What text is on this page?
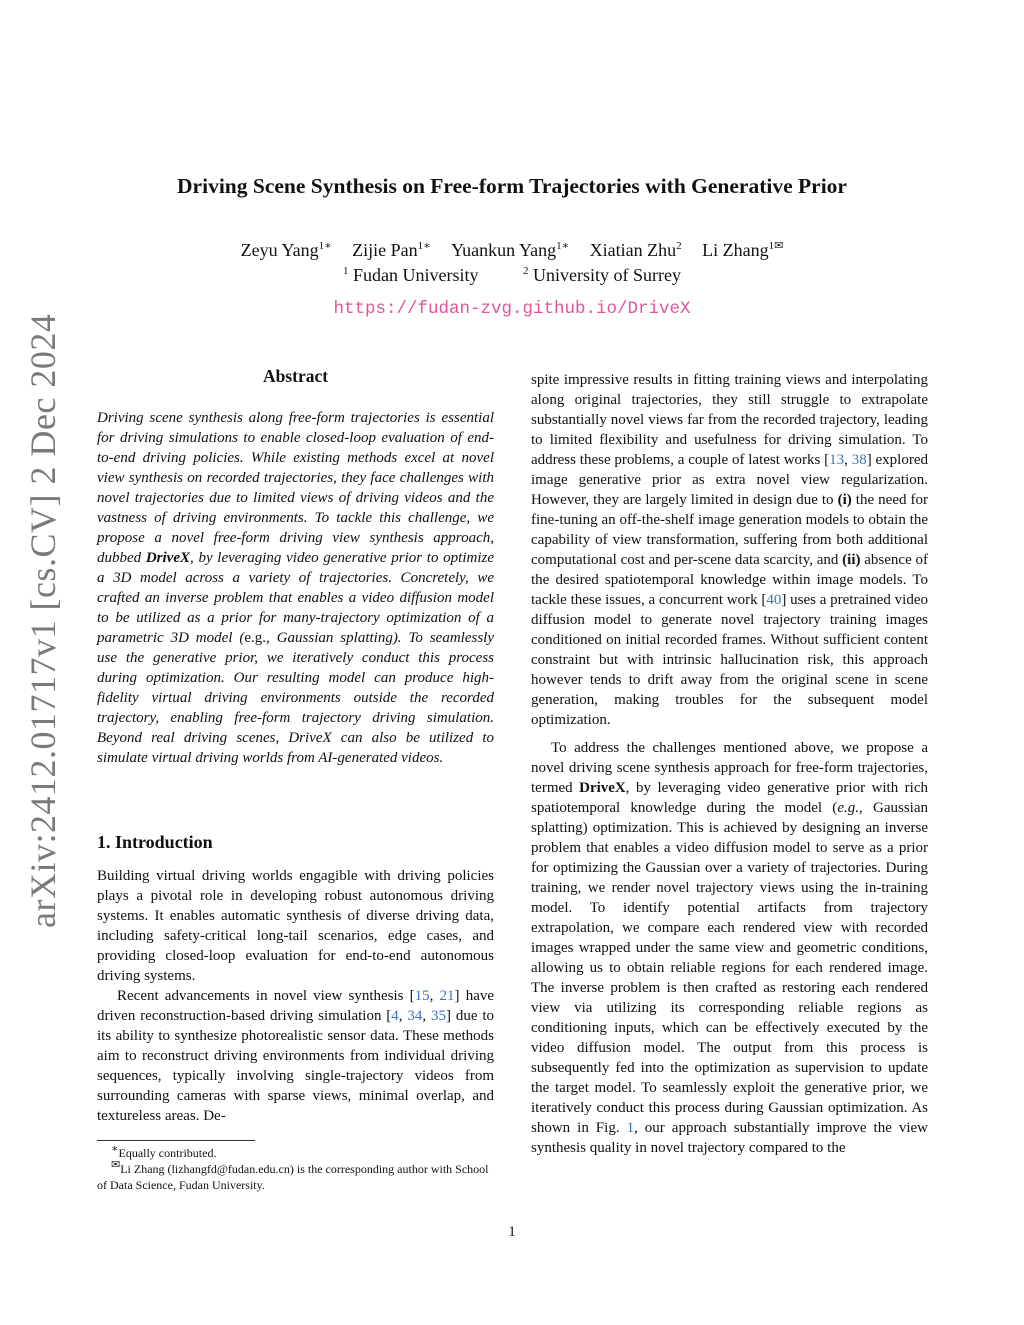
arXiv:2412.01717v1 [cs.CV] 2 Dec 2024
Driving Scene Synthesis on Free-form Trajectories with Generative Prior
Zeyu Yang$^{1∗}$ Zijie Pan$^{1∗}$ Yuankun Yang$^{1∗}$ Xiatian Zhu$^2$ Li Zhang$^{1✉}$
$^1$ Fudan University	$^2$ University of Surrey
https://fudan-zvg.github.io/DriveX
Abstract

Driving scene synthesis along free-form trajectories is essential for driving simulations to enable closed-loop evaluation of end-to-end driving policies. While existing methods excel at novel view synthesis on recorded trajectories, they face challenges with novel trajectories due to limited views of driving videos and the vastness of driving environments. To tackle this challenge, we propose a novel free-form driving view synthesis approach, dubbed DriveX, by leveraging video generative prior to optimize a 3D model across a variety of trajectories. Concretely, we crafted an inverse problem that enables a video diffusion model to be utilized as a prior for many-trajectory optimization of a parametric 3D model (e.g., Gaussian splatting). To seamlessly use the generative prior, we iteratively conduct this process during optimization. Our resulting model can produce high-fidelity virtual driving environments outside the recorded trajectory, enabling free-form trajectory driving simulation. Beyond real driving scenes, DriveX can also be utilized to simulate virtual driving worlds from AI-generated videos.

1. Introduction

Building virtual driving worlds engagible with driving policies plays a pivotal role in developing robust autonomous driving systems. It enables automatic synthesis of diverse driving data, including safety-critical long-tail scenarios, edge cases, and providing closed-loop evaluation for end-to-end autonomous driving systems.

Recent advancements in novel view synthesis [15, 21] have driven reconstruction-based driving simulation [4, 34, 35] due to its ability to synthesize photorealistic sensor data. These methods aim to reconstruct driving environments from individual driving sequences, typically involving single-trajectory videos from surrounding cameras with sparse views, minimal overlap, and textureless areas. De-

∗Equally contributed.

✉Li Zhang (lizhangfd@fudan.edu.cn) is the corresponding author with School of Data Science, Fudan University.

spite impressive results in fitting training views and interpolating along original trajectories, they still struggle to extrapolate substantially novel views far from the recorded trajectory, leading to limited flexibility and usefulness for driving simulation. To address these problems, a couple of latest works [13, 38] explored image generative prior as extra novel view regularization. However, they are largely limited in design due to (i) the need for fine-tuning an off-the-shelf image generation models to obtain the capability of view transformation, suffering from both additional computational cost and per-scene data scarcity, and (ii) absence of the desired spatiotemporal knowledge within image models. To tackle these issues, a concurrent work [40] uses a pretrained video diffusion model to generate novel trajectory training images conditioned on initial recorded frames. Without sufficient content constraint but with intrinsic hallucination risk, this approach however tends to drift away from the original scene in scene generation, making troubles for the subsequent model optimization.

To address the challenges mentioned above, we propose a novel driving scene synthesis approach for free-form trajectories, termed DriveX, by leveraging video generative prior with rich spatiotemporal knowledge during the model (e.g., Gaussian splatting) optimization. This is achieved by designing an inverse problem that enables a video diffusion model to serve as a prior for optimizing the Gaussian over a variety of trajectories. During training, we render novel trajectory views using the in-training model. To identify potential artifacts from trajectory extrapolation, we compare each rendered view with recorded images wrapped under the same view and geometric conditions, allowing us to obtain reliable regions for each rendered image. The inverse problem is then crafted as restoring each rendered view via utilizing its corresponding reliable regions as conditioning inputs, which can be effectively executed by the video diffusion model. The output from this process is subsequently fed into the optimization as supervision to update the target model. To seamlessly exploit the generative prior, we iteratively conduct this process during Gaussian optimization. As shown in Fig. 1, our approach substantially improve the view synthesis quality in novel trajectory compared to the

1
